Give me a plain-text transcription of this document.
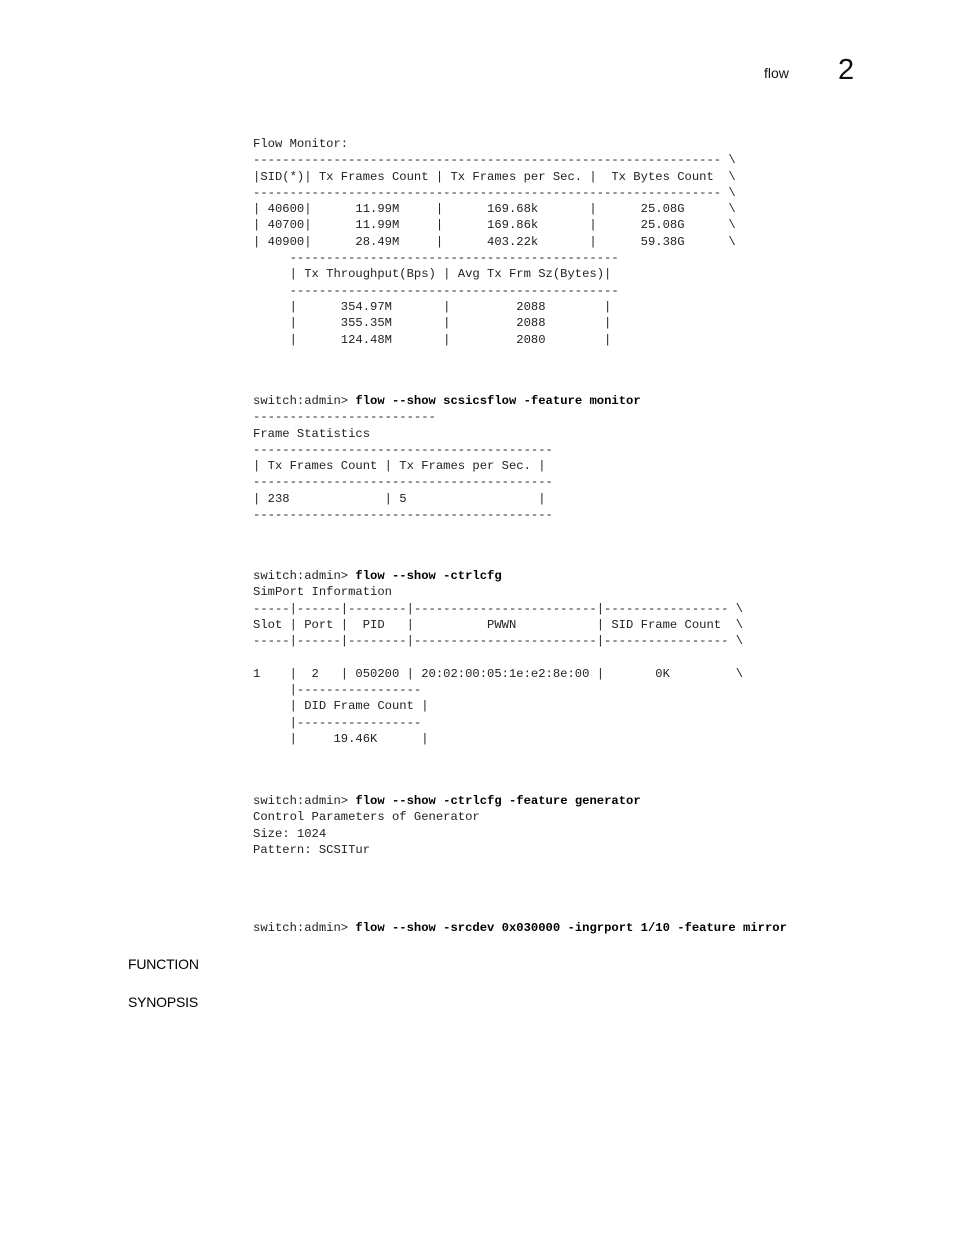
flow 2
Flow Monitor:
---------------------------------------------------------------- \
|SID(*)| Tx Frames Count | Tx Frames per Sec. |  Tx Bytes Count  \
---------------------------------------------------------------- \
| 40600|      11.99M     |      169.68k       |      25.08G      \
| 40700|      11.99M     |      169.86k       |      25.08G      \
| 40900|      28.49M     |      403.22k       |      59.38G      \
---------------------------------------------
| Tx Throughput(Bps) | Avg Tx Frm Sz(Bytes)|
---------------------------------------------
|      354.97M       |         2088        |
|      355.35M       |         2088        |
|      124.48M       |         2080        |
switch:admin> flow --show scsicsflow -feature monitor
-------------------------
Frame Statistics
-----------------------------------------
| Tx Frames Count | Tx Frames per Sec. |
-----------------------------------------
| 238             | 5                  |
-----------------------------------------
switch:admin> flow --show -ctrlcfg
SimPort Information
-----|------|--------|-------------------------|----------------- \
Slot | Port |  PID   |          PWWN           | SID Frame Count  \
-----|------|--------|-------------------------|----------------- \
1    |  2   | 050200 | 20:02:00:05:1e:e2:8e:00 |       0K         \
|-----------------
| DID Frame Count |
|-----------------
|     19.46K      |
switch:admin> flow --show -ctrlcfg -feature generator
Control Parameters of Generator
Size: 1024
Pattern: SCSITur
switch:admin> flow --show -srcdev 0x030000 -ingrport 1/10 -feature mirror
FUNCTION
SYNOPSIS
